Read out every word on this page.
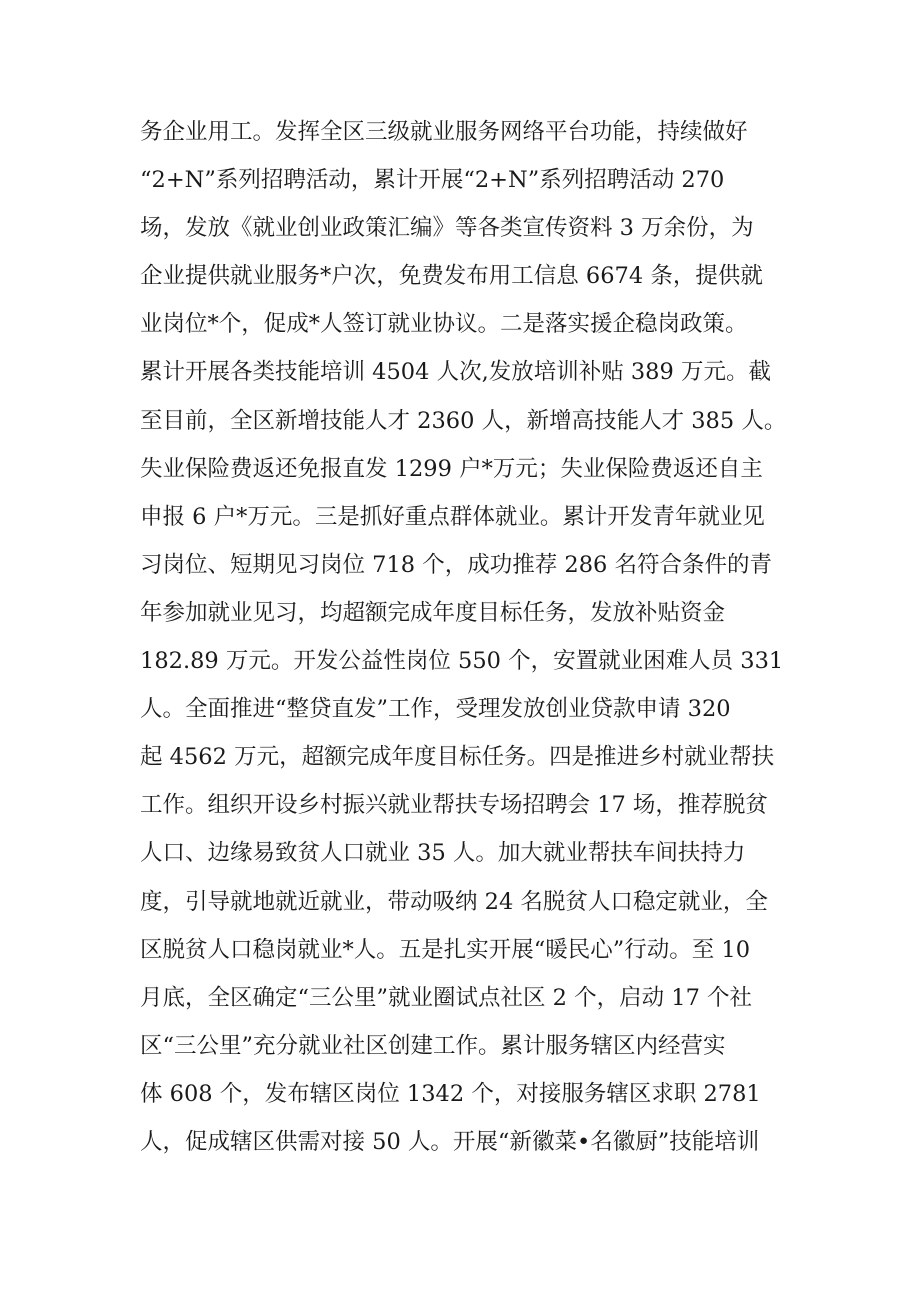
务企业用工。发挥全区三级就业服务网络平台功能，持续做好
“2+N”系列招聘活动，累计开展“2+N”系列招聘活动 270
场，发放《就业创业政策汇编》等各类宣传资料 3 万余份，为
企业提供就业服务*户次，免费发布用工信息 6674 条，提供就
业岗位*个，促成*人签订就业协议。二是落实援企稳岗政策。
累计开展各类技能培训 4504 人次,发放培训补贴 389 万元。截
至目前，全区新增技能人才 2360 人，新增高技能人才 385 人。
失业保险费返还免报直发 1299 户*万元；失业保险费返还自主
申报 6 户*万元。三是抓好重点群体就业。累计开发青年就业见
习岗位、短期见习岗位 718 个，成功推荐 286 名符合条件的青
年参加就业见习，均超额完成年度目标任务，发放补贴资金
182.89 万元。开发公益性岗位 550 个，安置就业困难人员 331
人。全面推进“整贷直发”工作，受理发放创业贷款申请 320
起 4562 万元，超额完成年度目标任务。四是推进乡村就业帮扶
工作。组织开设乡村振兴就业帮扶专场招聘会 17 场，推荐脱贫
人口、边缘易致贫人口就业 35 人。加大就业帮扶车间扶持力
度，引导就地就近就业，带动吸纳 24 名脱贫人口稳定就业，全
区脱贫人口稳岗就业*人。五是扎实开展“暖民心”行动。至 10
月底，全区确定“三公里”就业圈试点社区 2 个，启动 17 个社
区“三公里”充分就业社区创建工作。累计服务辖区内经营实
体 608 个，发布辖区岗位 1342 个，对接服务辖区求职 2781
人，促成辖区供需对接 50 人。开展“新徽菜•名徽厨”技能培训
